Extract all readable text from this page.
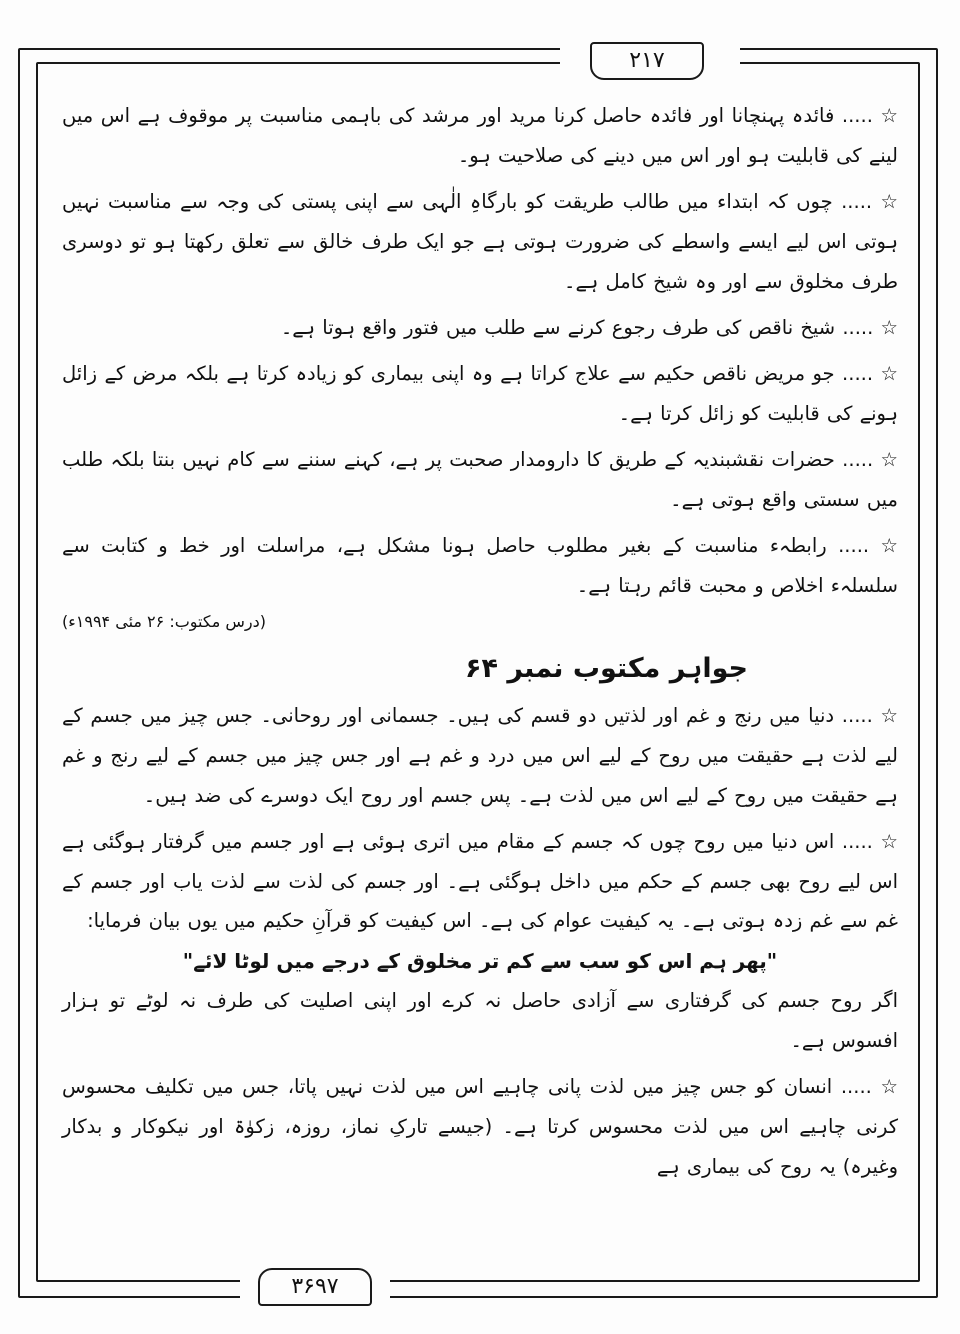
۲۱۷
۳۶۹۷

☆ ..... فائدہ پہنچانا اور فائدہ حاصل کرنا مرید اور مرشد کی باہمی مناسبت پر موقوف ہے اس میں لینے کی قابلیت ہو اور اس میں دینے کی صلاحیت ہو۔

☆ ..... چوں کہ ابتداء میں طالب طریقت کو بارگاہِ الٰہی سے اپنی پستی کی وجہ سے مناسبت نہیں ہوتی اس لیے ایسے واسطے کی ضرورت ہوتی ہے جو ایک طرف خالق سے تعلق رکھتا ہو تو دوسری طرف مخلوق سے اور وہ شیخ کامل ہے۔

☆ ..... شیخ ناقص کی طرف رجوع کرنے سے طلب میں فتور واقع ہوتا ہے۔

☆ ..... جو مریض ناقص حکیم سے علاج کراتا ہے وہ اپنی بیماری کو زیادہ کرتا ہے بلکہ مرض کے زائل ہونے کی قابلیت کو زائل کرتا ہے۔

☆ ..... حضرات نقشبندیہ کے طریق کا دارومدار صحبت پر ہے، کہنے سننے سے کام نہیں بنتا بلکہ طلب میں سستی واقع ہوتی ہے۔

☆ ..... رابطہء مناسبت کے بغیر مطلوب حاصل ہونا مشکل ہے، مراسلت اور خط و کتابت سے سلسلہء اخلاص و محبت قائم رہتا ہے۔

(درس مکتوب: ۲۶ مئی ۱۹۹۴ء)
جواہر مکتوب نمبر ۶۴

☆ ..... دنیا میں رنج و غم اور لذتیں دو قسم کی ہیں۔ جسمانی اور روحانی۔ جس چیز میں جسم کے لیے لذت ہے حقیقت میں روح کے لیے اس میں درد و غم ہے اور جس چیز میں جسم کے لیے رنج و غم ہے حقیقت میں روح کے لیے اس میں لذت ہے۔ پس جسم اور روح ایک دوسرے کی ضد ہیں۔

☆ ..... اس دنیا میں روح چوں کہ جسم کے مقام میں اتری ہوئی ہے اور جسم میں گرفتار ہوگئی ہے اس لیے روح بھی جسم کے حکم میں داخل ہوگئی ہے۔ اور جسم کی لذت سے لذت یاب اور جسم کے غم سے غم زدہ ہوتی ہے۔ یہ کیفیت عوام کی ہے۔ اس کیفیت کو قرآنِ حکیم میں یوں بیان فرمایا:

"پھر ہم اس کو سب سے کم تر مخلوق کے درجے میں لوٹا لائے"

اگر روح جسم کی گرفتاری سے آزادی حاصل نہ کرے اور اپنی اصلیت کی طرف نہ لوٹے تو ہزار افسوس ہے۔

☆ ..... انسان کو جس چیز میں لذت پانی چاہیے اس میں لذت نہیں پاتا، جس میں تکلیف محسوس کرنی چاہیے اس میں لذت محسوس کرتا ہے۔ (جیسے تارکِ نماز، روزہ، زکوٰۃ اور نیکوکار و بدکار وغیرہ) یہ روح کی بیماری ہے
